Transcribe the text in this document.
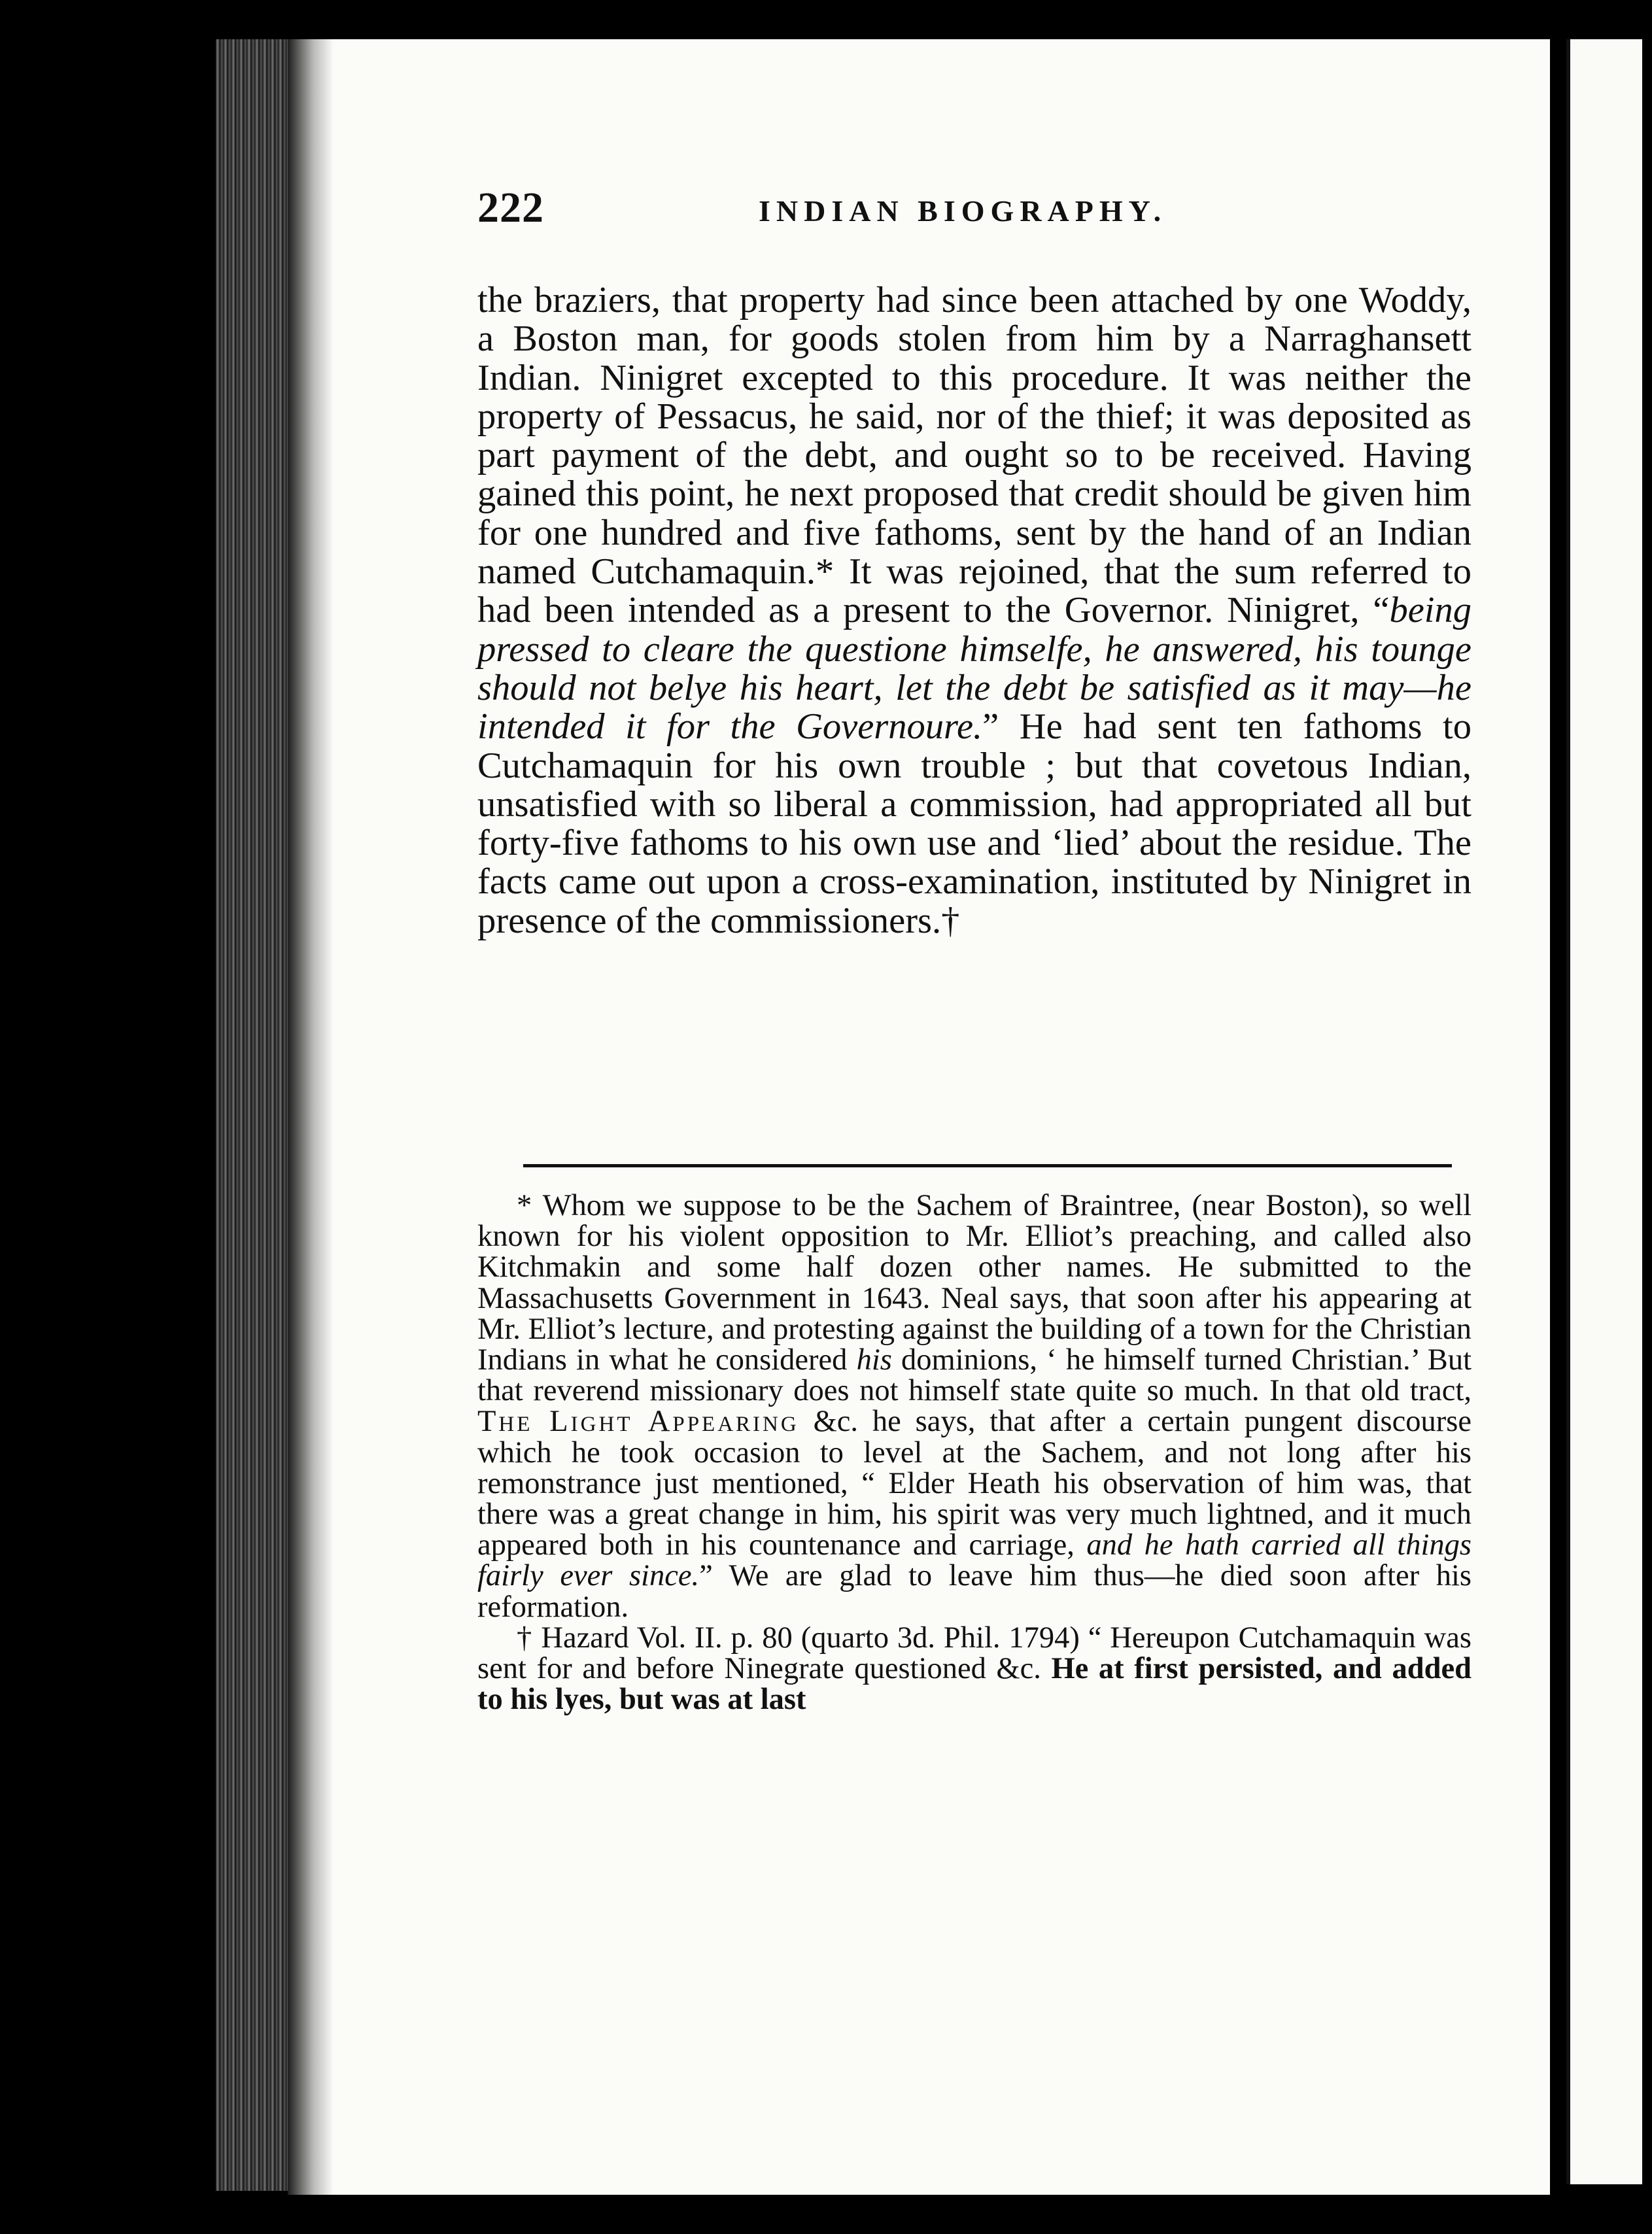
222	INDIAN BIOGRAPHY.

the braziers, that property had since been attached by one Woddy, a Boston man, for goods stolen from him by a Narraghansett Indian. Ninigret excepted to this procedure. It was neither the property of Pessacus, he said, nor of the thief; it was deposited as part payment of the debt, and ought so to be received. Having gained this point, he next proposed that credit should be given him for one hundred and five fathoms, sent by the hand of an Indian named Cutchamaquin.* It was rejoined, that the sum referred to had been intended as a present to the Governor. Ninigret, “being pressed to cleare the questione himselfe, he answered, his tounge should not belye his heart, let the debt be satisfied as it may—he intended it for the Governoure.” He had sent ten fathoms to Cutchamaquin for his own trouble ; but that covetous Indian, unsatisfied with so liberal a commission, had appropriated all but forty-five fathoms to his own use and ‘lied’ about the residue. The facts came out upon a cross-examination, instituted by Ninigret in presence of the commissioners.†

* Whom we suppose to be the Sachem of Braintree, (near Boston), so well known for his violent opposition to Mr. Elliot’s preaching, and called also Kitchmakin and some half dozen other names. He submitted to the Massachusetts Government in 1643. Neal says, that soon after his appearing at Mr. Elliot’s lecture, and protesting against the building of a town for the Christian Indians in what he considered his dominions, ‘ he himself turned Christian.’ But that reverend missionary does not himself state quite so much. In that old tract, The Light Appearing &c. he says, that after a certain pungent discourse which he took occasion to level at the Sachem, and not long after his remonstrance just mentioned, “ Elder Heath his observation of him was, that there was a great change in him, his spirit was very much lightned, and it much appeared both in his countenance and carriage, and he hath carried all things fairly ever since.” We are glad to leave him thus—he died soon after his reformation.

† Hazard Vol. II. p. 80 (quarto 3d. Phil. 1794) “ Hereupon Cutchamaquin was sent for and before Ninegrate questioned &c. He at first persisted, and added to his lyes, but was at last
